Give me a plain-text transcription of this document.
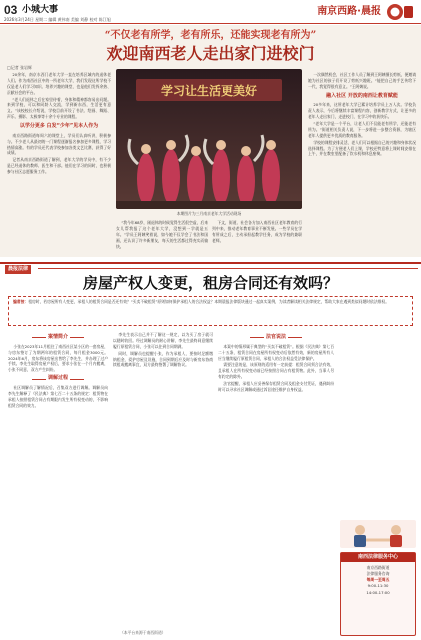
03 小城大事
2026年3月24日 星期二 编辑 黄伟南 美编 刘静 校对 陈江旭
南京西路·晨报
“不仅老有所学，老有所乐，还能实现老有所为”
欢迎南西老人走出家门进校门
□记者 张岩辉

20余年，南京水西门老年大学一直在培养区域内的退休老人们。作为南西社区中的一所老年大学，我们发现这所学校不仅是老人们学习知识、培养兴趣的课堂，也是他们发挥余热、贡献社会的平台。

“老人们退休之后在家里待着，身体和精神都容易出问题。来到学校，可以和同龄人交流，学到新东西，生活更有意义。”该校校长介绍说，学校目前开设了书法、绘画、舞蹈、声乐、摄影、太极拳等十余个专业的课程。

以学分更多 白发“少年”见本人作为

南京西路街道每周六的课堂上，学员们认真听讲，积极参与。不少老人从最初的一门课程逐渐报名参加更多课程，学习热情高涨。有的学员还代表学校参加各类文艺比赛，获得了好成绩。

记者从南京西路街道了解到，老年大学的学员中，有不少是已经退休的教师、医生和干部。他们在学习的同时，也积极参与社区志愿服务工作。

学习让生活更美好
本期图片为三月南京老年大学活动现场

“我今年68岁，刚退休的时候觉得生活很空虚，后来女儿帮我报了这个老年大学，没想到一学就是五年。”学员王阿姨笑着说，如今她不仅学会了书法和国画，还认识了许多新朋友，每天的生活都过得充实而愉快。

下文，街道、社会各方加入南西社区老年教育的行列中来，推动老年教育事业不断发展。一些学员在学有所成之后，主动承担起教学任务，成为学校的兼职老师。

一次偶然机会，社区工作人员了解到王阿姨擅长剪纸，便邀请她为社区的孩子们开设了剪纸兴趣班。“能把自己的手艺传给下一代，我觉得很有意义。”王阿姨说。

融入社区 开放的南西让教育赋能

20多年来，这所老年大学已累计培养学员上万人次。学校负责人表示，今后将继续丰富课程内容，创新教学方式，让更多的老年人走出家门，走进校门，在学习中收获快乐。

“老年大学是一个平台，让老人们不仅能老有所学，还能老有所为。”街道相关负责人说，下一步将进一步整合资源，为辖区老年人提供更多优质的教育服务。

学校的课程安排灵活，老人们可以根据自己的兴趣和身体状况选择课程。为了方便老人们上课，学校还特意将上课时间安排在上午，并在教室里配备了饮水机和休息座椅。

晨报法律
房屋产权人变更，租房合同还有效吗？
编者按：租房时，若房屋所有人变更，承租人的租赁合同是否还有效？“买卖不破租赁”原则如何保护承租人的合法权益？本期晨报法律版块通过一起真实案例，为读者解读相关法律规定，帮助大家在遇到类似问题时依法维权。
案情简介

小张在2023年11月租住了南西社区某小区的一套房屋，与房东签订了为期两年的租赁合同，每月租金3000元。2024年6月，房东将该房屋出售给了李先生，并办理了过户手续。李先生取得房屋产权后，要求小张在一个月内搬离，小张不同意，双方产生纠纷。

调解过程

社区调解员了解情况后，召集双方进行调解。调解员向李先生解释了《民法典》第七百二十五条的规定：租赁物在承租人按照租赁合同占有期限内发生所有权变动的，不影响租赁合同的效力。

李先生表示自己并不了解这一规定，以为买了房子就可以随时收回。经过调解员的耐心讲解，李先生最终同意继续履行原租赁合同，小张可以住到合同期满。

同时，调解员也提醒小张，作为承租人，要按时足额缴纳租金，爱护房屋及设施，合同到期后应及时与新房东协商续租或搬离事宜，双方最终签署了调解协议。

法官说法

本案中的情形属于典型的“买卖不破租赁”。根据《民法典》第七百二十五条，租赁合同在房屋所有权变动后依然有效，新的房屋所有人应当继续履行原租赁合同，承租人的合法权益受法律保护。

需要注意的是，该原则的适用有一定前提：租赁合同须合法有效，且承租人在所有权变动前已经按照合同占有租赁物。此外，当事人另有约定的除外。

法官提醒，承租人应妥善保存租赁合同及租金支付凭证，遇到纠纷时可以寻求社区调解或通过诉讼途径维护自身权益。

南西法律服务中心
南京西路街道
法律服务咨询
每周一至周五
9:00-11:30
14:00-17:00
（本平台来源于南西街道）
